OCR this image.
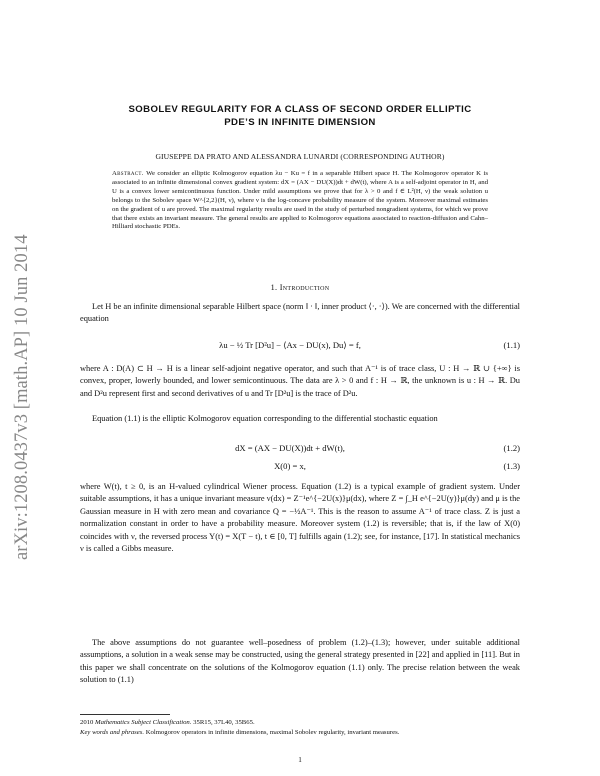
arXiv:1208.0437v3 [math.AP] 10 Jun 2014
SOBOLEV REGULARITY FOR A CLASS OF SECOND ORDER ELLIPTIC
PDE’S IN INFINITE DIMENSION
GIUSEPPE DA PRATO AND ALESSANDRA LUNARDI (CORRESPONDING AUTHOR)
Abstract. We consider an elliptic Kolmogorov equation λu − Ku = f in a separable Hilbert space H. The Kolmogorov operator K is associated to an infinite dimensional convex gradient system: dX = (AX − DU(X))dt + dW(t), where A is a self-adjoint operator in H, and U is a convex lower semicontinuous function. Under mild assumptions we prove that for λ > 0 and f ∈ L²(H, ν) the weak solution u belongs to the Sobolev space W^{2,2}(H, ν), where ν is the log-concave probability measure of the system. Moreover maximal estimates on the gradient of u are proved. The maximal regularity results are used in the study of perturbed nongradient systems, for which we prove that there exists an invariant measure. The general results are applied to Kolmogorov equations associated to reaction-diffusion and Cahn–Hilliard stochastic PDEs.
1. Introduction
Let H be an infinite dimensional separable Hilbert space (norm ‖ · ‖, inner product ⟨·, ·⟩). We are concerned with the differential equation
λu − ½ Tr [D²u] − ⟨Ax − DU(x), Du⟩ = f,	(1.1)
where A : D(A) ⊂ H → H is a linear self-adjoint negative operator, and such that A⁻¹ is of trace class, U : H → ℝ ∪ {+∞} is convex, proper, lowerly bounded, and lower semicontinuous. The data are λ > 0 and f : H → ℝ, the unknown is u : H → ℝ. Du and D²u represent first and second derivatives of u and Tr [D²u] is the trace of D²u.
Equation (1.1) is the elliptic Kolmogorov equation corresponding to the differential stochastic equation
dX = (AX − DU(X))dt + dW(t),	(1.2)
X(0) = x,	(1.3)
where W(t), t ≥ 0, is an H-valued cylindrical Wiener process. Equation (1.2) is a typical example of gradient system. Under suitable assumptions, it has a unique invariant measure ν(dx) = Z⁻¹e^{−2U(x)}μ(dx), where Z = ∫_H e^{−2U(y)}μ(dy) and μ is the Gaussian measure in H with zero mean and covariance Q = −½A⁻¹. This is the reason to assume A⁻¹ of trace class. Z is just a normalization constant in order to have a probability measure. Moreover system (1.2) is reversible; that is, if the law of X(0) coincides with ν, the reversed process Y(t) = X(T − t), t ∈ [0, T] fulfills again (1.2); see, for instance, [17]. In statistical mechanics ν is called a Gibbs measure.
The above assumptions do not guarantee well–posedness of problem (1.2)–(1.3); however, under suitable additional assumptions, a solution in a weak sense may be constructed, using the general strategy presented in [22] and applied in [11]. But in this paper we shall concentrate on the solutions of the Kolmogorov equation (1.1) only. The precise relation between the weak solution to (1.1)
2010 Mathematics Subject Classification. 35R15, 37L40, 35B65.
Key words and phrases. Kolmogorov operators in infinite dimensions, maximal Sobolev regularity, invariant measures.
1
